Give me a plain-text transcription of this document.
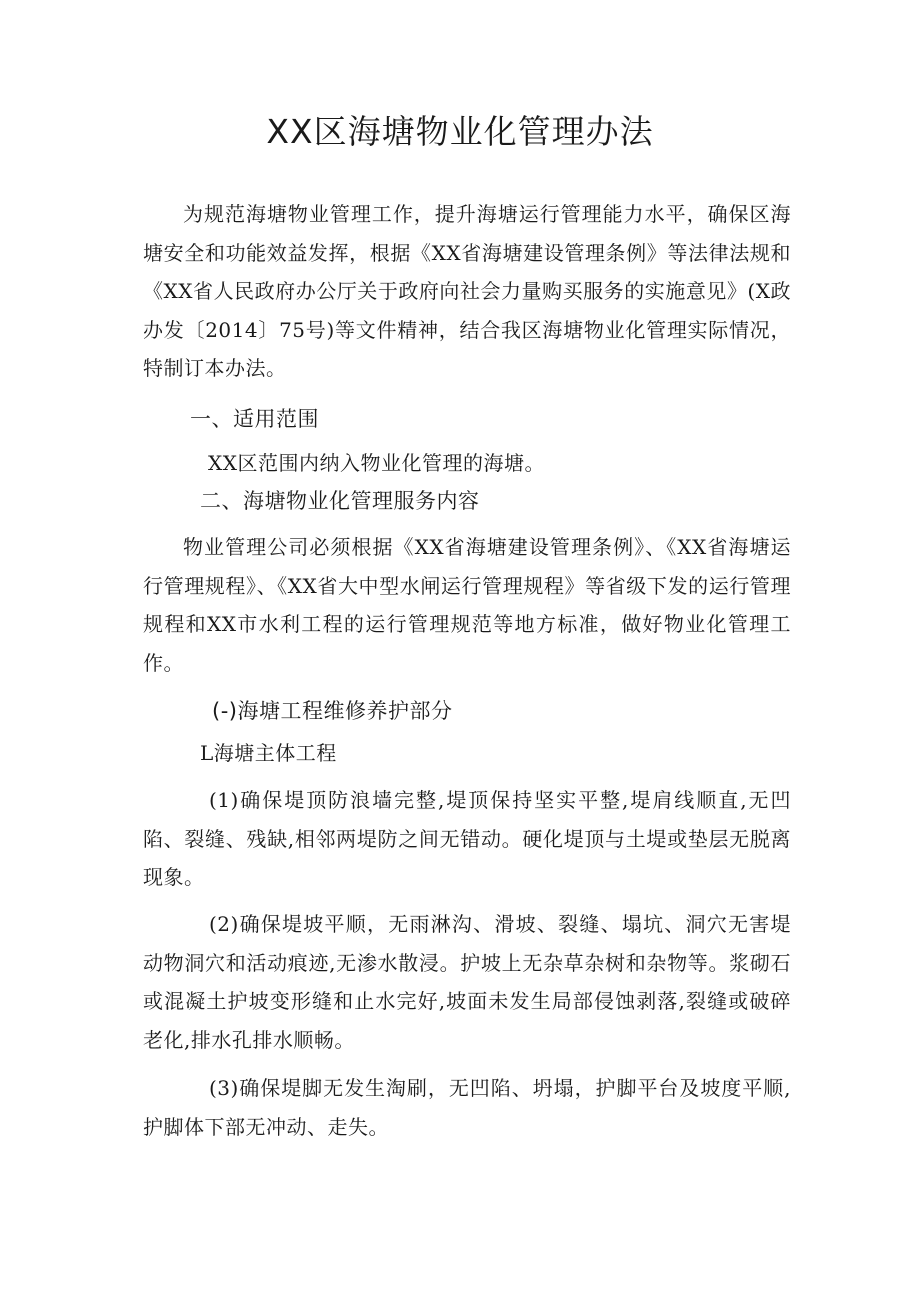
XX区海塘物业化管理办法

为规范海塘物业管理工作，提升海塘运行管理能力水平，确保区海塘安全和功能效益发挥，根据《XX省海塘建设管理条例》等法律法规和《XX省人民政府办公厅关于政府向社会力量购买服务的实施意见》(X政办发〔2014〕75号)等文件精神，结合我区海塘物业化管理实际情况，特制订本办法。

一、适用范围

XX区范围内纳入物业化管理的海塘。

二、海塘物业化管理服务内容

物业管理公司必须根据《XX省海塘建设管理条例》、《XX省海塘运行管理规程》、《XX省大中型水闸运行管理规程》等省级下发的运行管理规程和XX市水利工程的运行管理规范等地方标准，做好物业化管理工作。

(-)海塘工程维修养护部分

L海塘主体工程

(1)确保堤顶防浪墙完整,堤顶保持坚实平整,堤肩线顺直,无凹陷、裂缝、残缺,相邻两堤防之间无错动。硬化堤顶与土堤或垫层无脱离现象。

(2)确保堤坡平顺，无雨淋沟、滑坡、裂缝、塌坑、洞穴无害堤动物洞穴和活动痕迹,无渗水散浸。护坡上无杂草杂树和杂物等。浆砌石或混凝土护坡变形缝和止水完好,坡面未发生局部侵蚀剥落,裂缝或破碎老化,排水孔排水顺畅。

(3)确保堤脚无发生淘刷，无凹陷、坍塌，护脚平台及坡度平顺,护脚体下部无冲动、走失。
